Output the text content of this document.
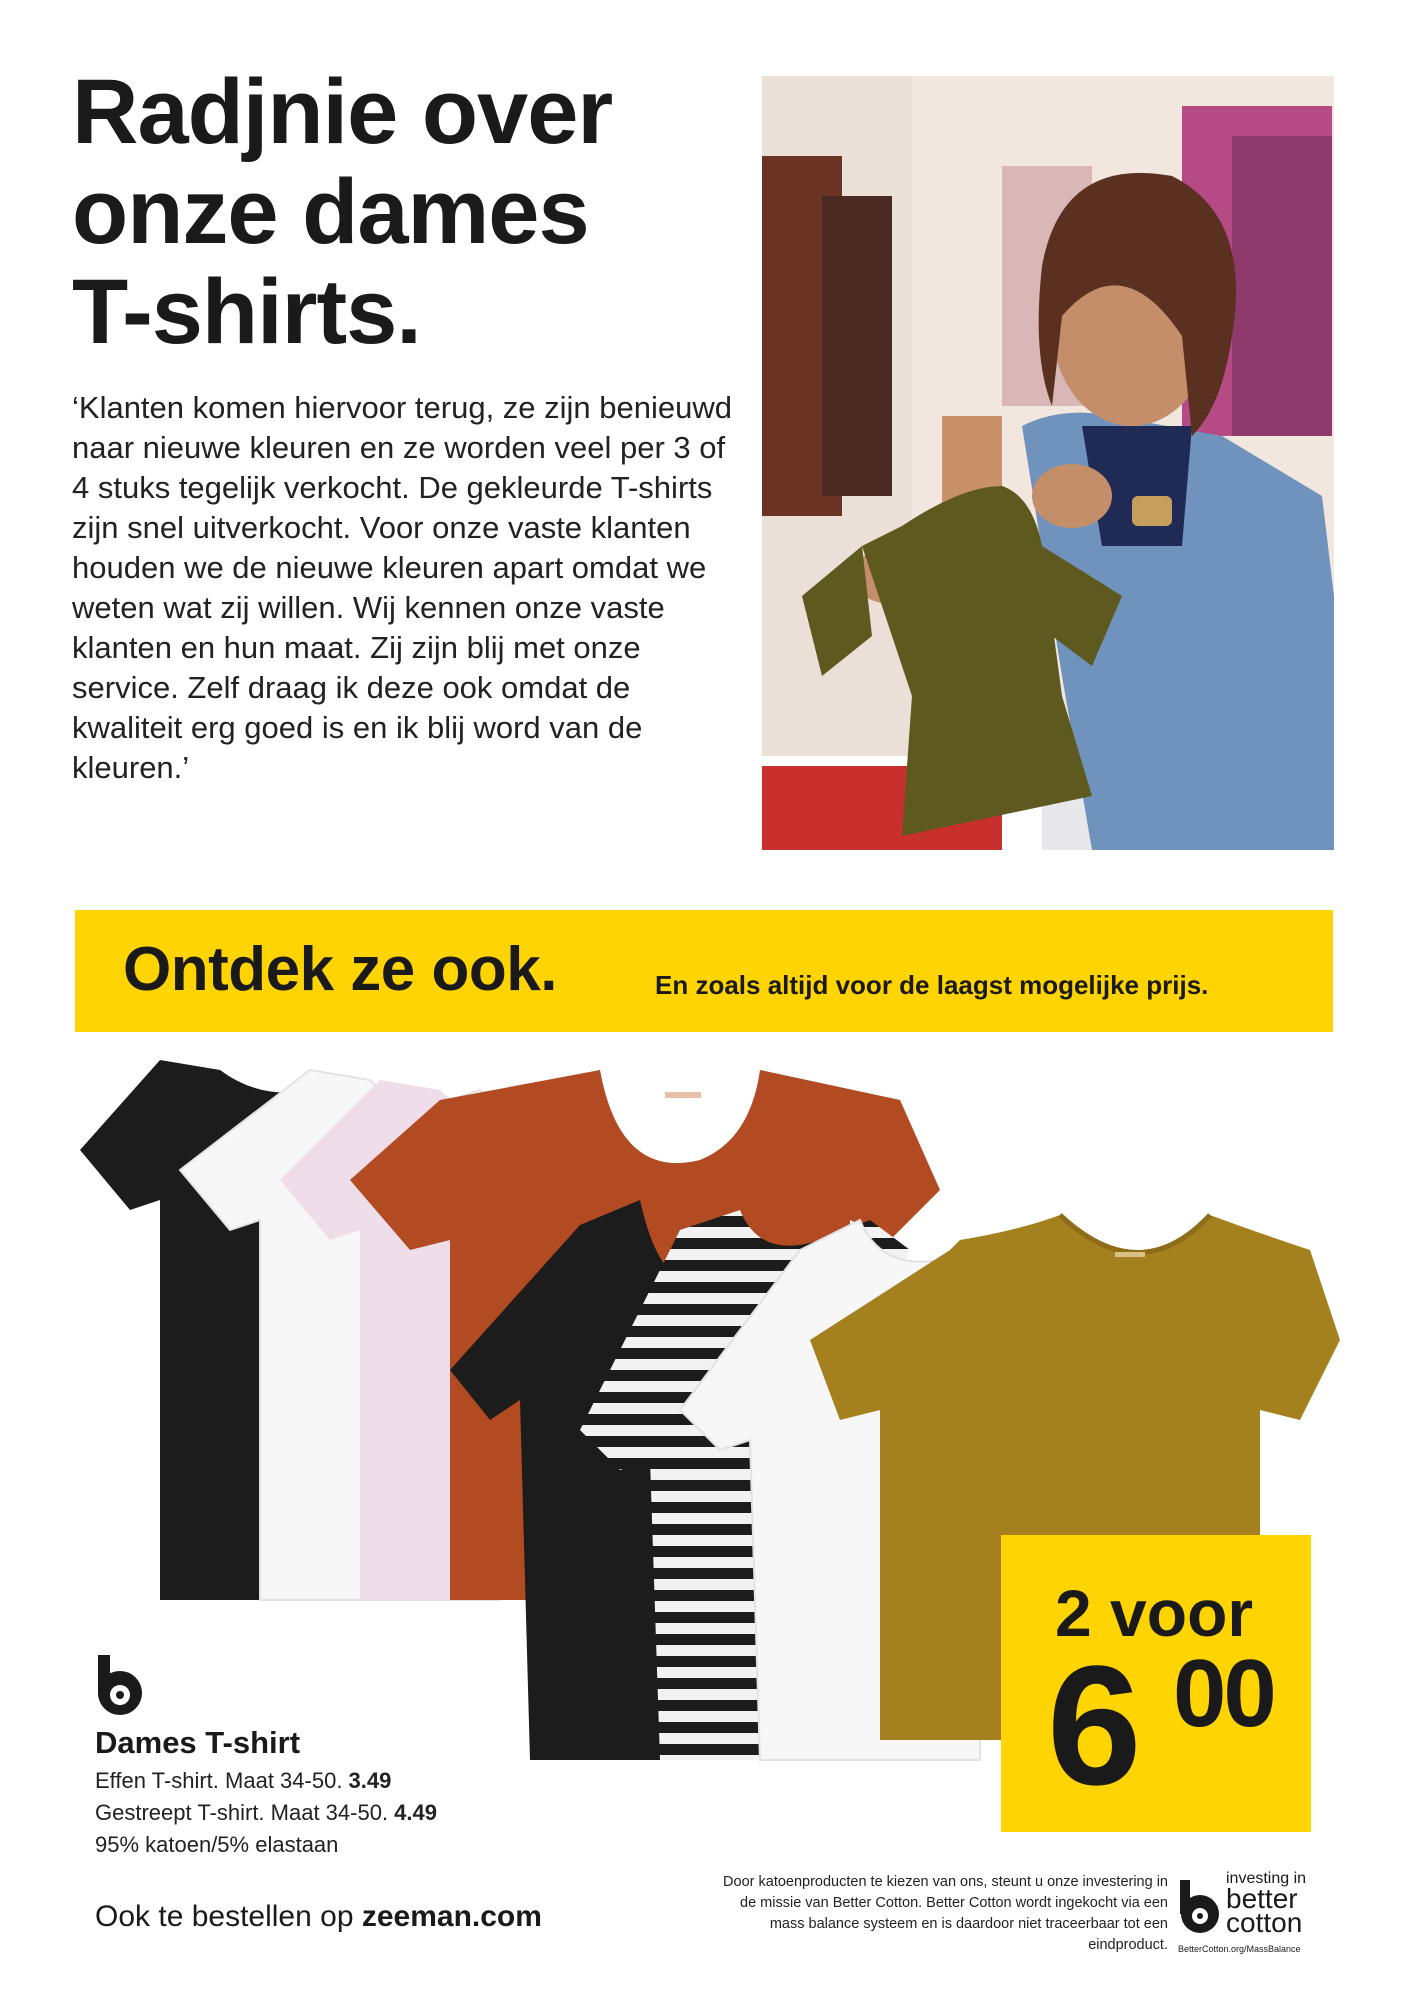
Radjnie over
onze dames
T-shirts.
‘Klanten komen hiervoor terug, ze zijn benieuwd naar nieuwe kleuren en ze worden veel per 3 of 4 stuks tegelijk verkocht. De gekleurde T-shirts zijn snel uitverkocht. Voor onze vaste klanten houden we de nieuwe kleuren apart omdat we weten wat zij willen. Wij kennen onze vaste klanten en hun maat. Zij zijn blij met onze service. Zelf draag ik deze ook omdat de kwaliteit erg goed is en ik blij word van de kleuren.’
Ontdek ze ook.	En zoals altijd voor de laagst mogelijke prijs.
2 voor
6 00
Dames T-shirt
Effen T-shirt. Maat 34-50. 3.49
Gestreept T-shirt. Maat 34-50. 4.49
95% katoen/5% elastaan
Ook te bestellen op zeeman.com
Door katoenproducten te kiezen van ons, steunt u onze investering in de missie van Better Cotton. Better Cotton wordt ingekocht via een mass balance systeem en is daardoor niet traceerbaar tot een eindproduct.
investing in
better
cotton
BetterCotton.org/MassBalance
